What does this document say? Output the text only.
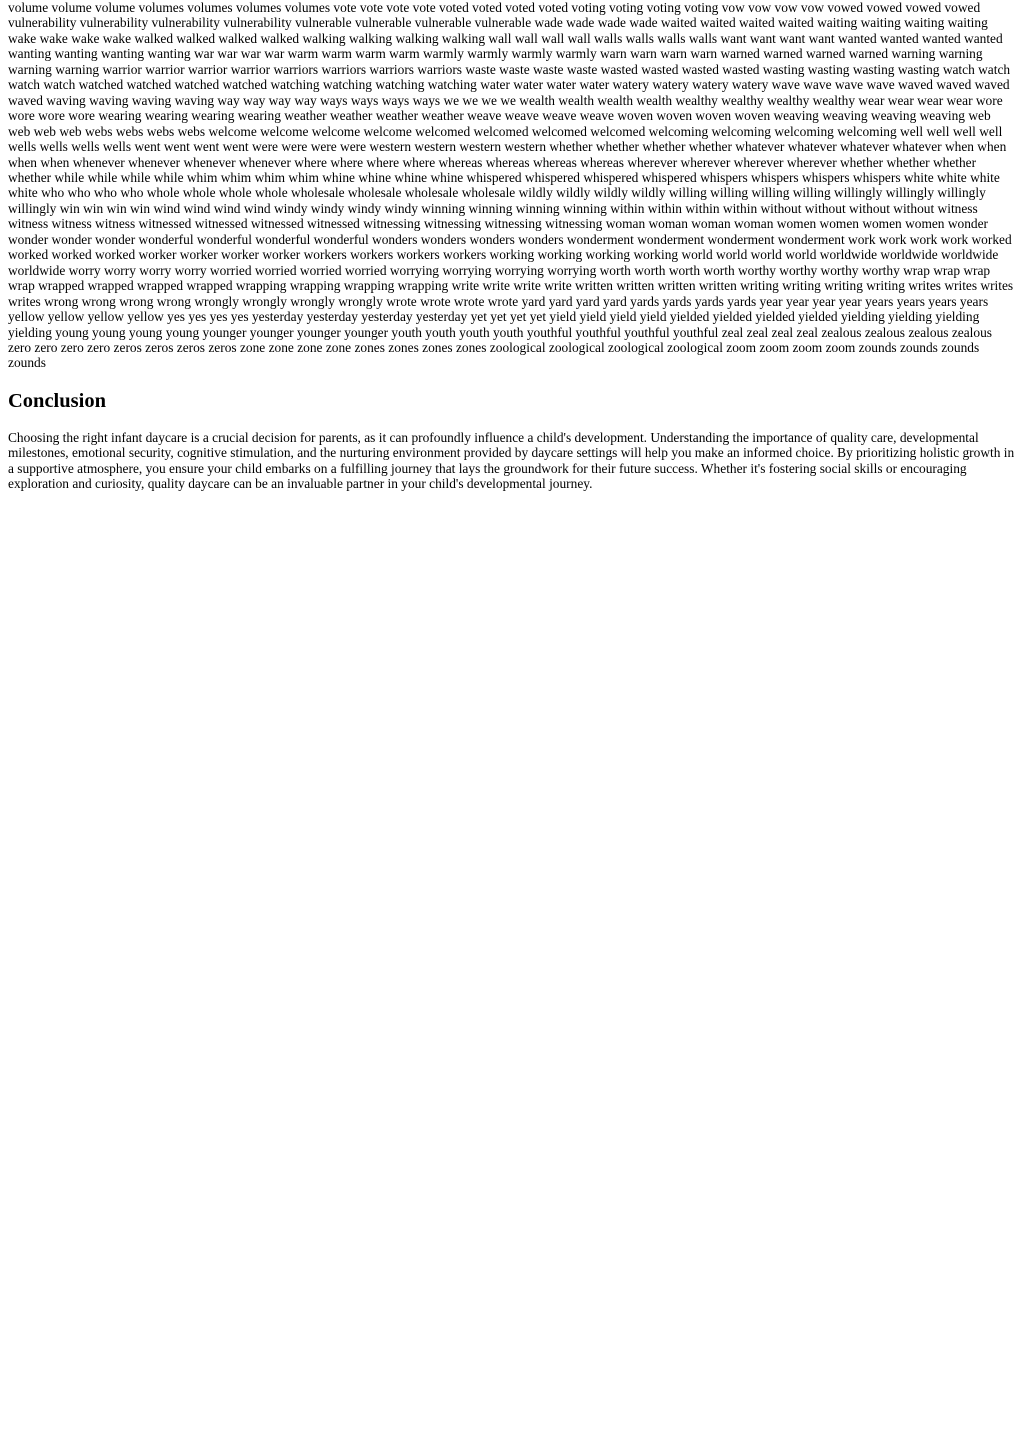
volume volume volume volumes volumes volumes volumes vote vote vote vote voted voted voted voted voting voting voting voting vow vow vow vow vowed vowed vowed vowed vulnerability vulnerability vulnerability vulnerability vulnerable vulnerable vulnerable vulnerable wade wade wade wade waited waited waited waited waiting waiting waiting waiting wake wake wake wake walked walked walked walked walking walking walking walking wall wall wall wall walls walls walls walls want want want want wanted wanted wanted wanted wanting wanting wanting wanting war war war war warm warm warm warm warmly warmly warmly warmly warn warn warn warn warned warned warned warned warning warning warning warning warrior warrior warrior warrior warriors warriors warriors warriors waste waste waste waste wasted wasted wasted wasted wasting wasting wasting wasting watch watch watch watch watched watched watched watched watching watching watching watching water water water water watery watery watery watery wave wave wave wave waved waved waved waved waving waving waving waving way way way way ways ways ways ways we we we we wealth wealth wealth wealth wealthy wealthy wealthy wealthy wear wear wear wear wore wore wore wore wearing wearing wearing wearing weather weather weather weather weave weave weave weave woven woven woven woven weaving weaving weaving weaving web web web web webs webs webs webs welcome welcome welcome welcome welcomed welcomed welcomed welcomed welcoming welcoming welcoming welcoming well well well well wells wells wells wells went went went went were were were were western western western western whether whether whether whether whatever whatever whatever whatever when when when when whenever whenever whenever whenever where where where where whereas whereas whereas whereas wherever wherever wherever wherever whether whether whether whether while while while while whim whim whim whim whine whine whine whine whispered whispered whispered whispered whispers whispers whispers whispers white white white white who who who who whole whole whole whole wholesale wholesale wholesale wholesale wildly wildly wildly wildly willing willing willing willing willingly willingly willingly willingly win win win win wind wind wind wind windy windy windy windy winning winning winning winning within within within within without without without without witness witness witness witness witnessed witnessed witnessed witnessed witnessing witnessing witnessing witnessing woman woman woman woman women women women women wonder wonder wonder wonder wonderful wonderful wonderful wonderful wonders wonders wonders wonders wonderment wonderment wonderment wonderment work work work work worked worked worked worked worker worker worker worker workers workers workers workers working working working working world world world world worldwide worldwide worldwide worldwide worry worry worry worry worried worried worried worried worrying worrying worrying worrying worth worth worth worth worthy worthy worthy worthy wrap wrap wrap wrap wrapped wrapped wrapped wrapped wrapping wrapping wrapping wrapping write write write write written written written written writing writing writing writing writes writes writes writes wrong wrong wrong wrong wrongly wrongly wrongly wrongly wrote wrote wrote wrote yard yard yard yard yards yards yards yards year year year year years years years years yellow yellow yellow yellow yes yes yes yes yesterday yesterday yesterday yesterday yet yet yet yet yield yield yield yield yielded yielded yielded yielded yielding yielding yielding yielding young young young young younger younger younger younger youth youth youth youth youthful youthful youthful youthful zeal zeal zeal zeal zealous zealous zealous zealous zero zero zero zero zeros zeros zeros zeros zone zone zone zone zones zones zones zones zoological zoological zoological zoological zoom zoom zoom zoom zounds zounds zounds zounds

Conclusion

Choosing the right infant daycare is a crucial decision for parents, as it can profoundly influence a child's development. Understanding the importance of quality care, developmental milestones, emotional security, cognitive stimulation, and the nurturing environment provided by daycare settings will help you make an informed choice. By prioritizing holistic growth in a supportive atmosphere, you ensure your child embarks on a fulfilling journey that lays the groundwork for their future success. Whether it's fostering social skills or encouraging exploration and curiosity, quality daycare can be an invaluable partner in your child's developmental journey.
